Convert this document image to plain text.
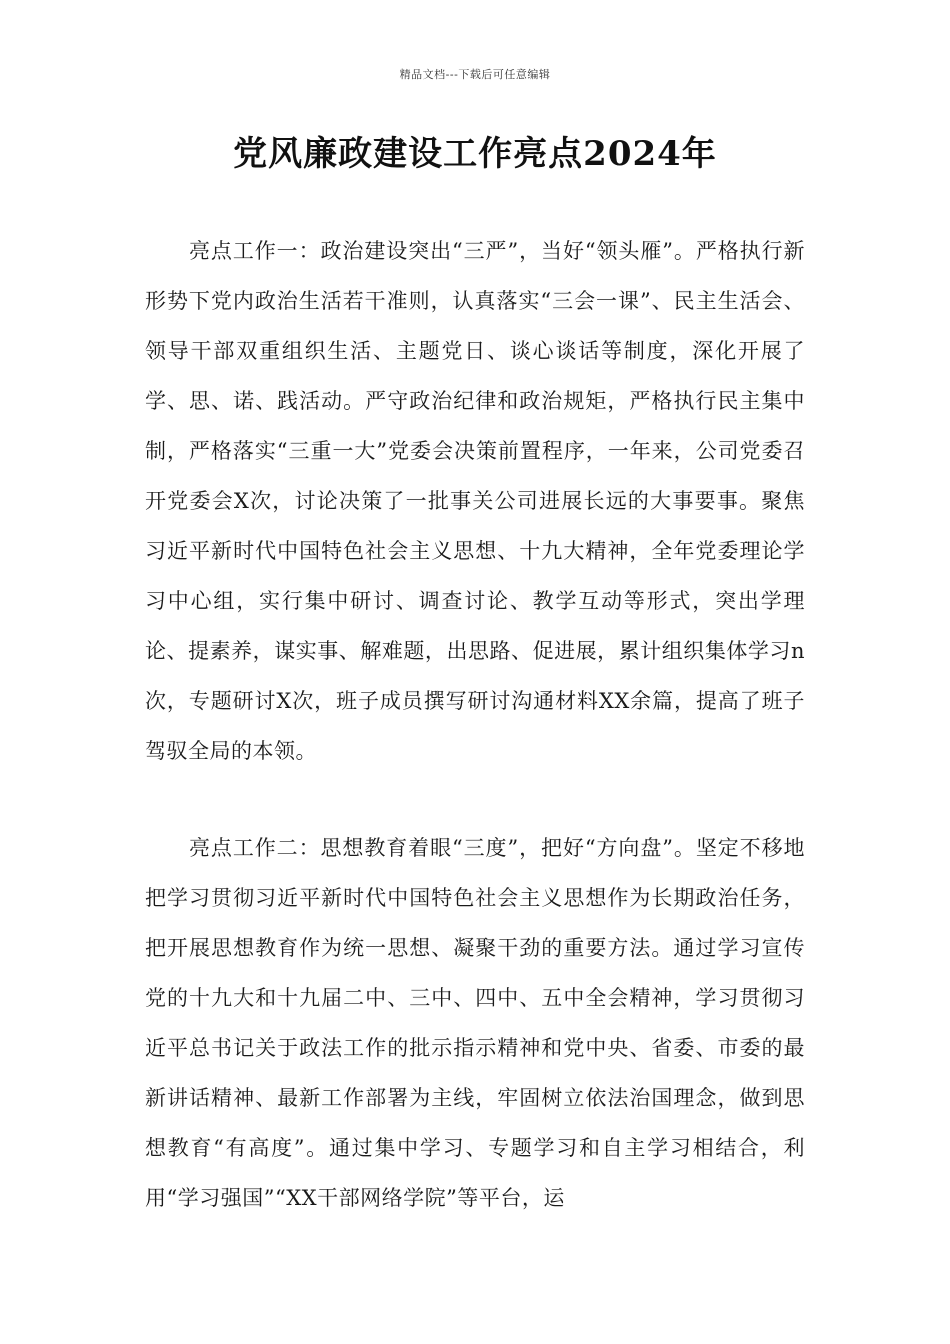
精品文档---下载后可任意编辑
党风廉政建设工作亮点2024年

亮点工作一：政治建设突出“三严”，当好“领头雁”。严格执行新形势下党内政治生活若干准则，认真落实“三会一课”、民主生活会、领导干部双重组织生活、主题党日、谈心谈话等制度，深化开展了学、思、诺、践活动。严守政治纪律和政治规矩，严格执行民主集中制，严格落实“三重一大”党委会决策前置程序，一年来，公司党委召开党委会X次，讨论决策了一批事关公司进展长远的大事要事。聚焦习近平新时代中国特色社会主义思想、十九大精神，全年党委理论学习中心组，实行集中研讨、调查讨论、教学互动等形式，突出学理论、提素养，谋实事、解难题，出思路、促进展，累计组织集体学习n次，专题研讨X次，班子成员撰写研讨沟通材料XX余篇，提高了班子驾驭全局的本领。

亮点工作二：思想教育着眼“三度”，把好“方向盘”。坚定不移地把学习贯彻习近平新时代中国特色社会主义思想作为长期政治任务，把开展思想教育作为统一思想、凝聚干劲的重要方法。通过学习宣传党的十九大和十九届二中、三中、四中、五中全会精神，学习贯彻习近平总书记关于政法工作的批示指示精神和党中央、省委、市委的最新讲话精神、最新工作部署为主线，牢固树立依法治国理念，做到思想教育“有高度”。通过集中学习、专题学习和自主学习相结合，利用“学习强国”“XX干部网络学院”等平台，运
